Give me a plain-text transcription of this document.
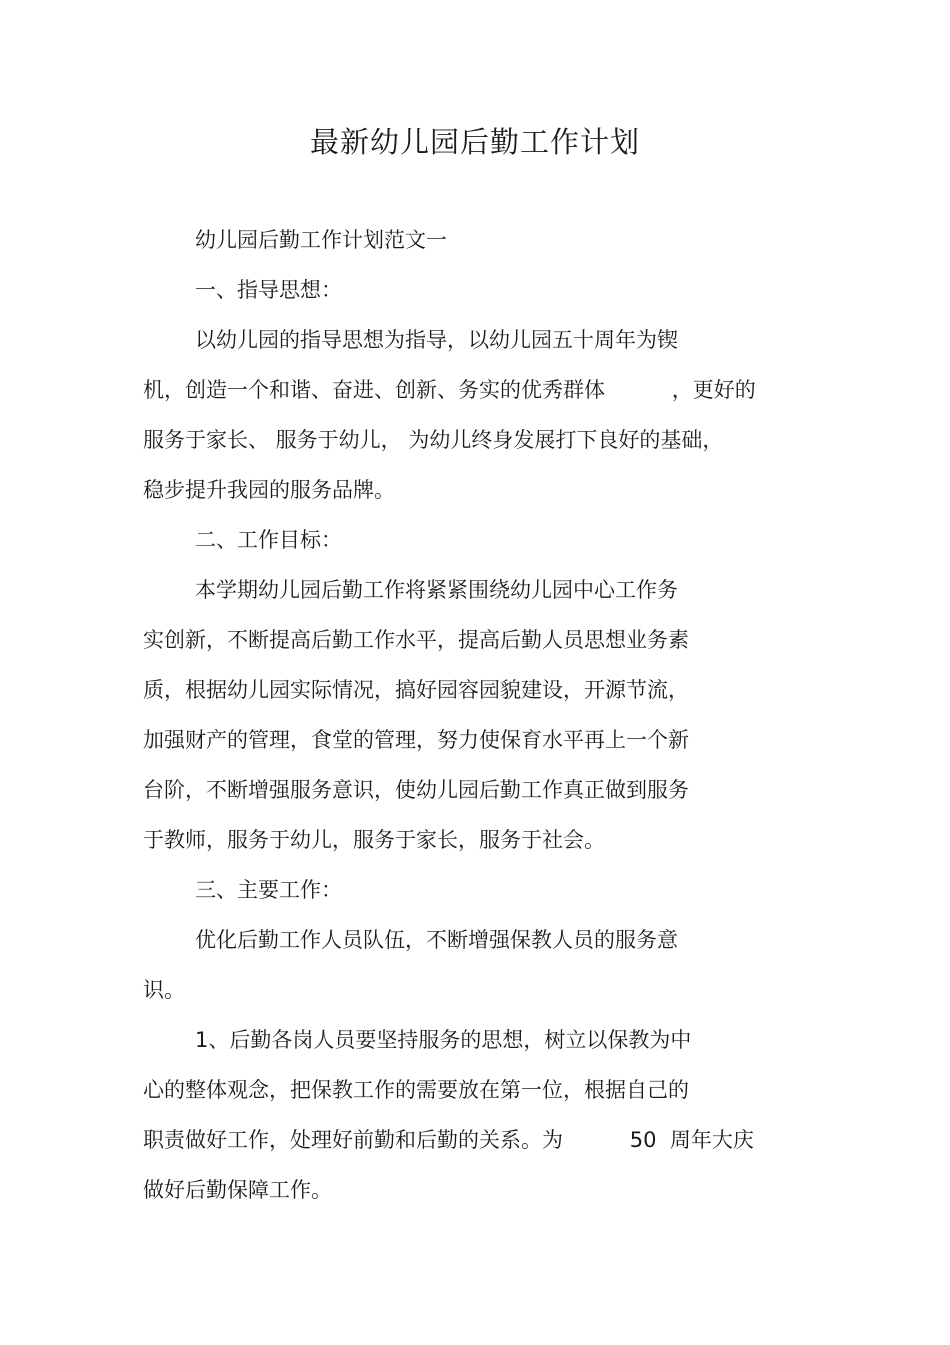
最新幼儿园后勤工作计划
幼儿园后勤工作计划范文一
一、指导思想：
以幼儿园的指导思想为指导，以幼儿园五十周年为锲
机，创造一个和谐、奋进、创新、务实的优秀群体          ，更好的
服务于家长、 服务于幼儿， 为幼儿终身发展打下良好的基础，
稳步提升我园的服务品牌。
二、工作目标：
本学期幼儿园后勤工作将紧紧围绕幼儿园中心工作务
实创新，不断提高后勤工作水平，提高后勤人员思想业务素
质，根据幼儿园实际情况，搞好园容园貌建设，开源节流，
加强财产的管理，食堂的管理，努力使保育水平再上一个新
台阶，不断增强服务意识，使幼儿园后勤工作真正做到服务
于教师，服务于幼儿，服务于家长，服务于社会。
三、主要工作：
优化后勤工作人员队伍，不断增强保教人员的服务意
识。
1、后勤各岗人员要坚持服务的思想，树立以保教为中
心的整体观念，把保教工作的需要放在第一位，根据自己的
职责做好工作，处理好前勤和后勤的关系。为          50  周年大庆
做好后勤保障工作。
